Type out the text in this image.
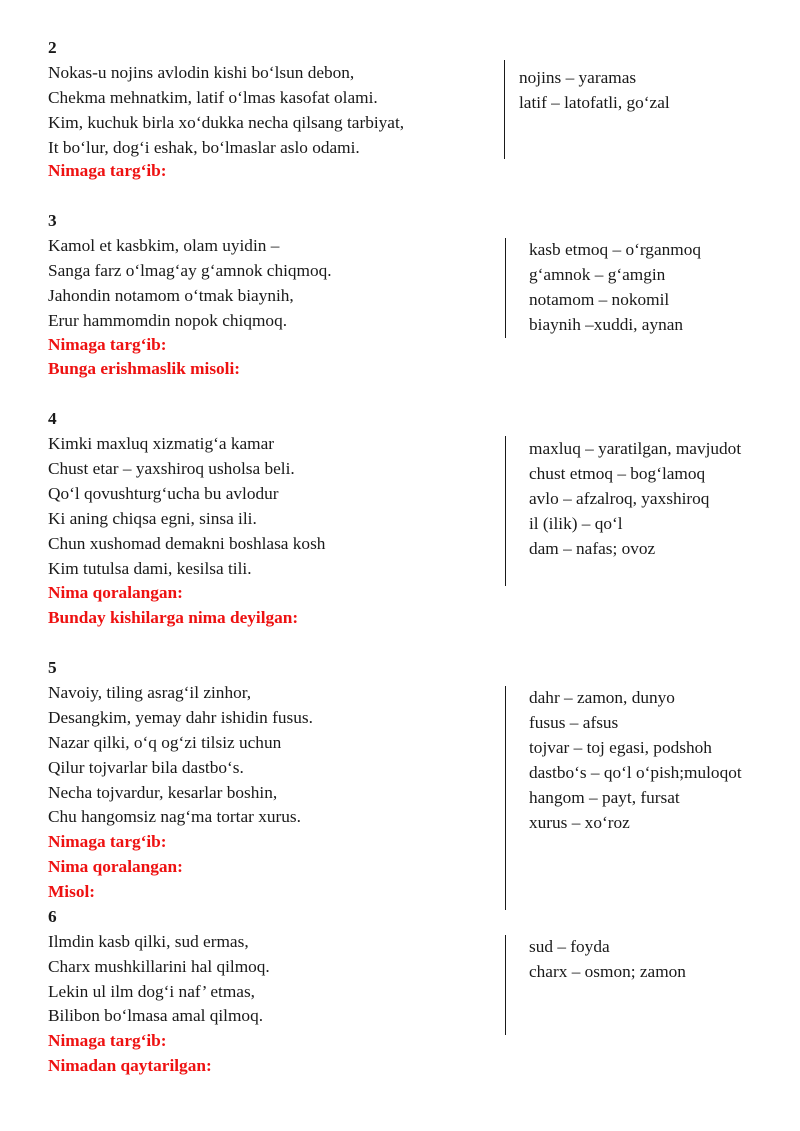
2
Nokas-u nojins avlodin kishi bo‘lsun debon,
Chekma mehnatkim, latif o‘lmas kasofat olami.
Kim, kuchuk birla xo‘dukka necha qilsang tarbiyat,
It bo‘lur, dog‘i eshak, bo‘lmaslar aslo odami.
Nimaga targ‘ib:
nojins – yaramas
latif – latofatli, go‘zal
3
Kamol et kasbkim, olam uyidin –
Sanga farz o‘lmag‘ay g‘amnok chiqmoq.
Jahondin notamom o‘tmak biaynih,
Erur hammomdin nopok chiqmoq.
Nimaga targ‘ib:
Bunga erishmaslik misoli:
kasb etmoq – o‘rganmoq
g‘amnok – g‘amgin
notamom – nokomil
biaynih –xuddi, aynan
4
Kimki maxluq xizmatig‘a kamar
Chust etar – yaxshiroq usholsa beli.
Qo‘l qovushturg‘ucha bu avlodur
Ki aning chiqsa egni, sinsa ili.
Chun xushomad demakni boshlasa kosh
Kim tutulsa dami, kesilsa tili.
Nima qoralangan:
Bunday kishilarga nima deyilgan:
maxluq – yaratilgan, mavjudot
chust etmoq – bog‘lamoq
avlo – afzalroq, yaxshiroq
il (ilik) – qo‘l
dam – nafas; ovoz
5
Navoiy, tiling asrag‘il zinhor,
Desangkim, yemay dahr ishidin fusus.
Nazar qilki, o‘q og‘zi tilsiz uchun
Qilur tojvarlar bila dastbo‘s.
Necha tojvardur, kesarlar boshin,
Chu hangomsiz nag‘ma tortar xurus.
Nimaga targ‘ib:
Nima qoralangan:
Misol:
dahr – zamon, dunyo
fusus – afsus
tojvar – toj egasi, podshoh
dastbo‘s – qo‘l o‘pish;muloqot
hangom – payt, fursat
xurus – xo‘roz
6
Ilmdin kasb qilki, sud ermas,
Charx mushkillarini hal qilmoq.
Lekin ul ilm dog‘i naf’ etmas,
Bilibon bo‘lmasa amal qilmoq.
Nimaga targ‘ib:
Nimadan qaytarilgan:
sud – foyda
charx – osmon; zamon
